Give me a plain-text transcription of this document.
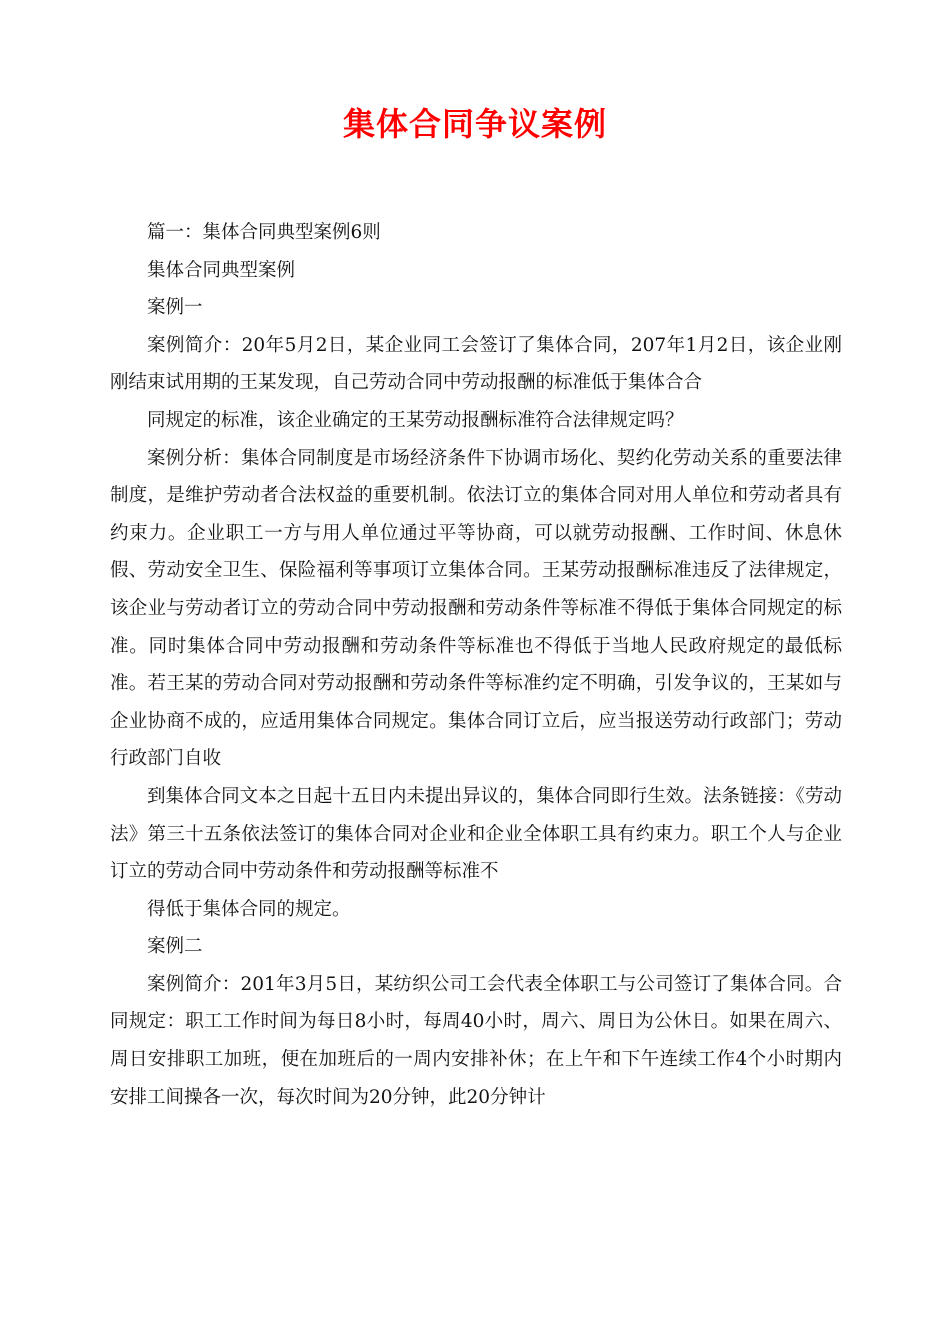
集体合同争议案例

篇一：集体合同典型案例6则

集体合同典型案例

案例一

案例简介：20年5月2日，某企业同工会签订了集体合同，207年1月2日，该企业刚刚结束试用期的王某发现，自己劳动合同中劳动报酬的标准低于集体合合

同规定的标准，该企业确定的王某劳动报酬标准符合法律规定吗？

案例分析：集体合同制度是市场经济条件下协调市场化、契约化劳动关系的重要法律制度，是维护劳动者合法权益的重要机制。依法订立的集体合同对用人单位和劳动者具有约束力。企业职工一方与用人单位通过平等协商，可以就劳动报酬、工作时间、休息休假、劳动安全卫生、保险福利等事项订立集体合同。王某劳动报酬标准违反了法律规定，该企业与劳动者订立的劳动合同中劳动报酬和劳动条件等标准不得低于集体合同规定的标准。同时集体合同中劳动报酬和劳动条件等标准也不得低于当地人民政府规定的最低标准。若王某的劳动合同对劳动报酬和劳动条件等标准约定不明确，引发争议的，王某如与企业协商不成的，应适用集体合同规定。集体合同订立后，应当报送劳动行政部门；劳动行政部门自收

到集体合同文本之日起十五日内未提出异议的，集体合同即行生效。法条链接：《劳动法》第三十五条依法签订的集体合同对企业和企业全体职工具有约束力。职工个人与企业订立的劳动合同中劳动条件和劳动报酬等标准不

得低于集体合同的规定。

案例二

案例简介：201年3月5日，某纺织公司工会代表全体职工与公司签订了集体合同。合同规定：职工工作时间为每日8小时，每周40小时，周六、周日为公休日。如果在周六、周日安排职工加班，便在加班后的一周内安排补休；在上午和下午连续工作4个小时期内安排工间操各一次，每次时间为20分钟，此20分钟计
